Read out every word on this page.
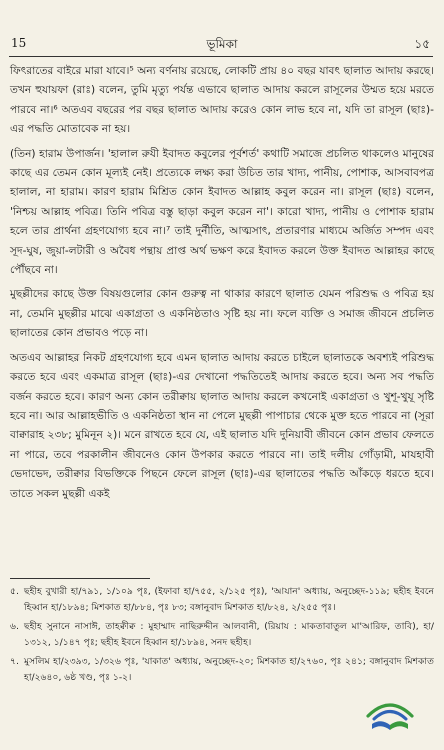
15	ভূমিকা	১৫

ফিৎরাতের বাইরে মারা যাবে।⁵ অন্য বর্ণনায় রয়েছে, লোকটি প্রায় ৪০ বছর যাবৎ ছালাত আদায় করছে। তখন হুযায়ফা (রাঃ) বলেন, তুমি মৃত্যু পর্যন্ত এভাবে ছালাত আদায় করলে রাসূলের উম্মত হয়ে মরতে পারবে না।⁶ অতএব বছরের পর বছর ছালাত আদায় করেও কোন লাভ হবে না, যদি তা রাসূল (ছাঃ)-এর পদ্ধতি মোতাবেক না হয়।

(তিন) হারাম উপার্জন। 'হালাল রুযী ইবাদত কবুলের পূর্বশর্ত' কথাটি সমাজে প্রচলিত থাকলেও মানুষের কাছে এর তেমন কোন মূল্যই নেই। প্রত্যেকে লক্ষ্য করা উচিত তার খাদ্য, পানীয়, পোশাক, আসবাবপত্র হালাল, না হারাম। কারণ হারাম মিশ্রিত কোন ইবাদত আল্লাহ কবুল করেন না। রাসূল (ছাঃ) বলেন, 'নিশ্চয় আল্লাহ পবিত্র। তিনি পবিত্র বস্তু ছাড়া কবুল করেন না'। কারো খাদ্য, পানীয় ও পোশাক হারাম হলে তার প্রার্থনা গ্রহণযোগ্য হবে না।⁷ তাই দুর্নীতি, আত্মসাৎ, প্রতারণার মাধ্যমে অর্জিত সম্পদ এবং সূদ-ঘুষ, জুয়া-লটারী ও অবৈধ পন্থায় প্রাপ্ত অর্থ ভক্ষণ করে ইবাদত করলে উক্ত ইবাদত আল্লাহর কাছে পৌঁছবে না।

মুছল্লীদের কাছে উক্ত বিষয়গুলোর কোন গুরুত্ব না থাকার কারণে ছালাত যেমন পরিশুদ্ধ ও পবিত্র হয় না, তেমনি মুছল্লীর মাঝে একাগ্রতা ও একনিষ্ঠতাও সৃষ্টি হয় না। ফলে ব্যক্তি ও সমাজ জীবনে প্রচলিত ছালাতের কোন প্রভাবও পড়ে না।

অতএব আল্লাহর নিকট গ্রহণযোগ্য হবে এমন ছালাত আদায় করতে চাইলে ছালাতকে অবশ্যই পরিশুদ্ধ করতে হবে এবং একমাত্র রাসূল (ছাঃ)-এর দেখানো পদ্ধতিতেই আদায় করতে হবে। অন্য সব পদ্ধতি বর্জন করতে হবে। কারণ অন্য কোন তরীক্বায় ছালাত আদায় করলে কখনোই একাগ্রতা ও খুশূ-খুযূ সৃষ্টি হবে না। আর আল্লাহভীতি ও একনিষ্ঠতা স্থান না পেলে মুছল্লী পাপাচার থেকে মুক্ত হতে পারবে না (সূরা বাক্বারাহ ২৩৮; মুমিনূন ২)। মনে রাখতে হবে যে, এই ছালাত যদি দুনিয়াবী জীবনে কোন প্রভাব ফেলতে না পারে, তবে পরকালীন জীবনেও কোন উপকার করতে পারবে না। তাই দলীয় গোঁড়ামী, মাযহাবী ভেদাভেদ, তরীক্বার বিভক্তিকে পিছনে ফেলে রাসূল (ছাঃ)-এর ছালাতের পদ্ধতি আঁকড়ে ধরতে হবে। তাতে সকল মুছল্লী একই

৫. ছহীহ বুখারী হা/৭৯১, ১/১০৯ পৃঃ, (ইফাবা হা/৭৫৫, ২/১২৫ পৃঃ), 'আযান' অধ্যায়, অনুচ্ছেদ-১১৯; ছহীহ ইবনে হিব্বান হা/১৮৯৪; মিশকাত হা/৮৮৪, পৃঃ ৮৩; বঙ্গানুবাদ মিশকাত হা/৮২৪, ২/২৫৫ পৃঃ।
৬. ছহীহ সুনানে নাসাঈ, তাহক্বীক্ব : মুহাম্মাদ নাছিরুদ্দীন আলবানী, (রিয়ায : মাকতাবাতুল মা'আরিফ, তাবি), হা/১৩১২, ১/১৪৭ পৃঃ; ছহীহ ইবনে হিব্বান হা/১৮৯৪, সনদ ছহীহ।
৭. মুসলিম হা/২৩৯৩, ১/৩২৬ পৃঃ, 'যাকাত' অধ্যায়, অনুচ্ছেদ-২০; মিশকাত হা/২৭৬০, পৃঃ ২৪১; বঙ্গানুবাদ মিশকাত হা/২৬৪০, ৬ষ্ঠ খণ্ড, পৃঃ ১-২।
